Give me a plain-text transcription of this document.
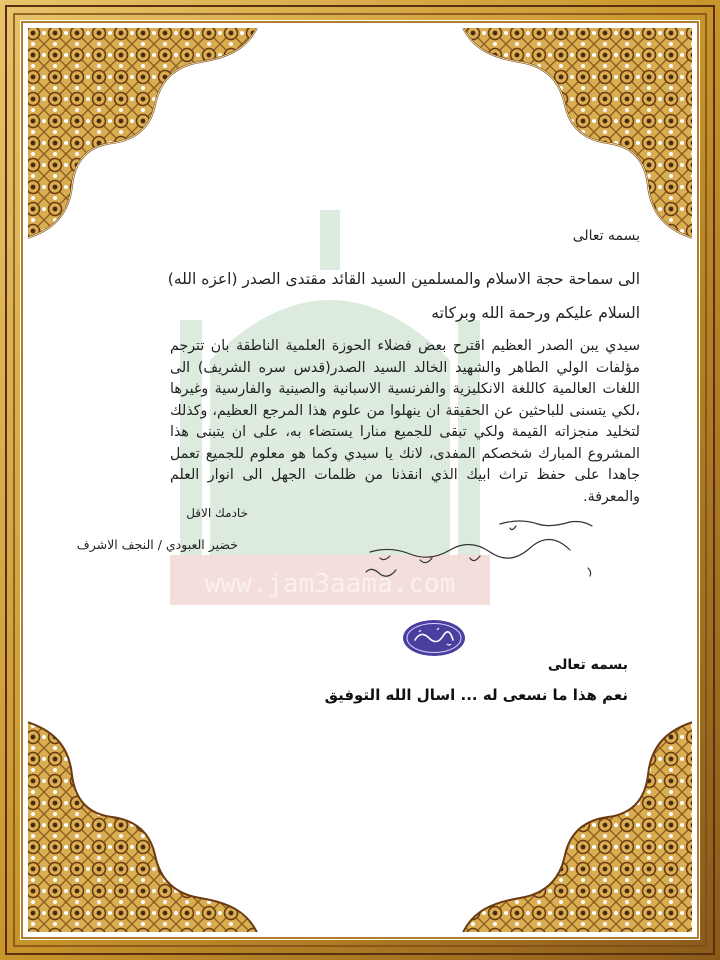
www.jam3aama.com
بسمه تعالى
الى سماحة حجة الاسلام والمسلمين السيد القائد مقتدى الصدر (اعزه الله)
السلام عليكم ورحمة الله وبركاته
سيدي يبن الصدر العظيم اقترح بعض فضلاء الحوزة العلمية الناطقة بان تترجم مؤلفات الولي الطاهر والشهيد الخالد السيد الصدر(قدس سره الشريف) الى اللغات العالمية كاللغة الانكليزية والفرنسية الاسبانية والصينية والفارسية وغيرها ،لكي يتسنى للباحثين عن الحقيقة ان ينهلوا من علوم هذا المرجع العظيم، وكذلك لتخليد منجزاته القيمة ولكي تبقى للجميع منارا يستضاء به، على ان يتبنى هذا المشروع المبارك شخصكم المفدى، لانك يا سيدي وكما هو معلوم للجميع تعمل جاهدا على حفظ تراث ابيك الذي انقذنا من ظلمات الجهل الى انوار العلم والمعرفة.
خادمك الاقل
خضير العبودي / النجف الاشرف
بسمه تعالى
نعم هذا ما نسعى له ... اسال الله التوفيق
